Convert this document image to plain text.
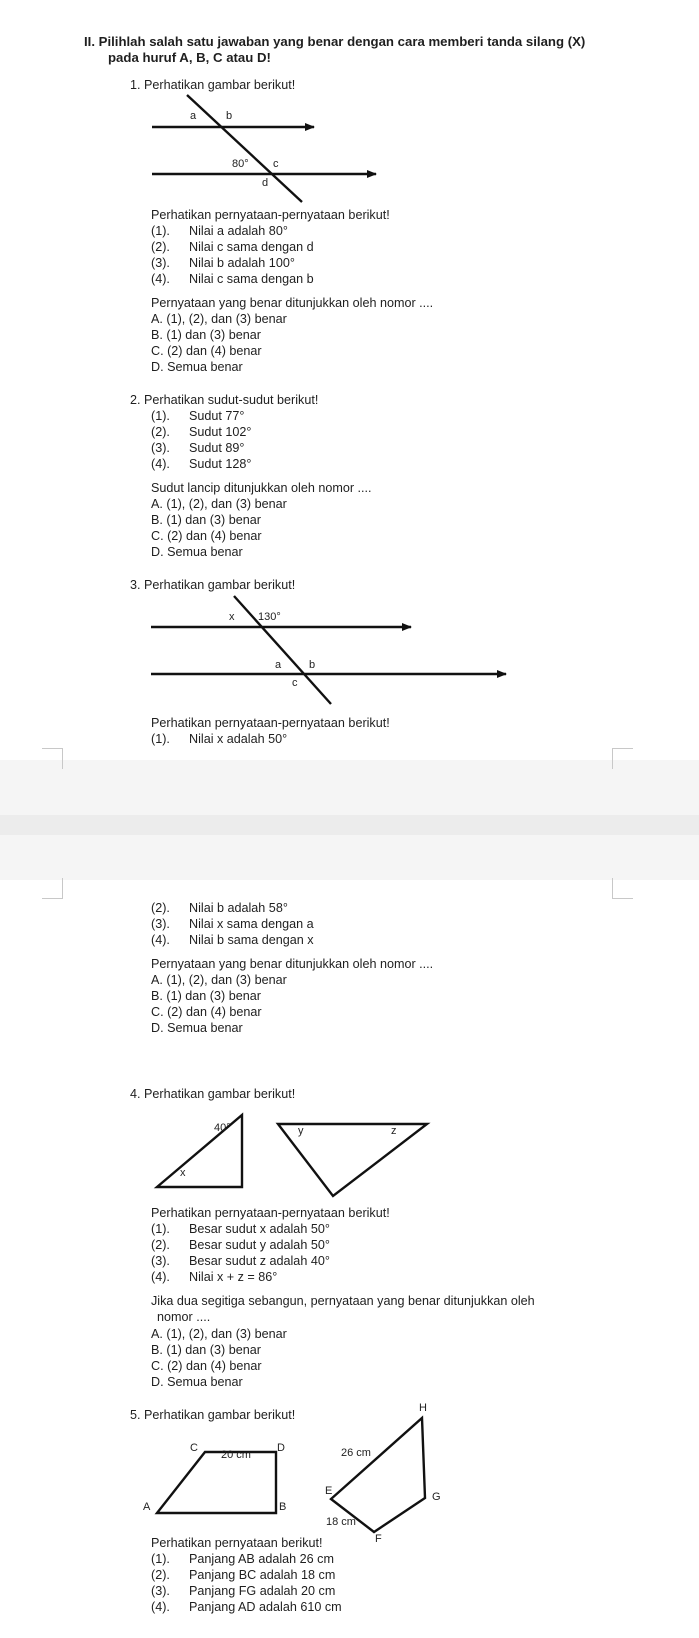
II. Pilihlah salah satu jawaban yang benar dengan cara memberi tanda silang (X)
pada huruf A, B, C atau D!
1. Perhatikan gambar berikut!
a	b
80° c
d
Perhatikan pernyataan-pernyataan berikut!
(1). Nilai a adalah 80°
(2). Nilai c sama dengan d
(3). Nilai b adalah 100°
(4). Nilai c sama dengan b
Pernyataan yang benar ditunjukkan oleh nomor ....
A. (1), (2), dan (3) benar
B. (1) dan (3) benar
C. (2) dan (4) benar
D. Semua benar
2. Perhatikan sudut-sudut berikut!
(1). Sudut 77°
(2). Sudut 102°
(3). Sudut 89°
(4). Sudut 128°
Sudut lancip ditunjukkan oleh nomor ....
A. (1), (2), dan (3) benar
B. (1) dan (3) benar
C. (2) dan (4) benar
D. Semua benar
3. Perhatikan gambar berikut!
x 130°
a	b
c
Perhatikan pernyataan-pernyataan berikut!
(1). Nilai x adalah 50°
(2). Nilai b adalah 58°
(3). Nilai x sama dengan a
(4). Nilai b sama dengan x
Pernyataan yang benar ditunjukkan oleh nomor ....
A. (1), (2), dan (3) benar
B. (1) dan (3) benar
C. (2) dan (4) benar
D. Semua benar
4. Perhatikan gambar berikut!
40°
x
y	z
Perhatikan pernyataan-pernyataan berikut!
(1). Besar sudut x adalah 50°
(2). Besar sudut y adalah 50°
(3). Besar sudut z adalah 40°
(4). Nilai x + z = 86°
Jika dua segitiga sebangun, pernyataan yang benar ditunjukkan oleh
nomor ....
A. (1), (2), dan (3) benar
B. (1) dan (3) benar
C. (2) dan (4) benar
D. Semua benar
5. Perhatikan gambar berikut!
C	D
20 cm
A	B
H
26 cm
E	G
18 cm
F
Perhatikan pernyataan berikut!
(1). Panjang AB adalah 26 cm
(2). Panjang BC adalah 18 cm
(3). Panjang FG adalah 20 cm
(4). Panjang AD adalah 610 cm
